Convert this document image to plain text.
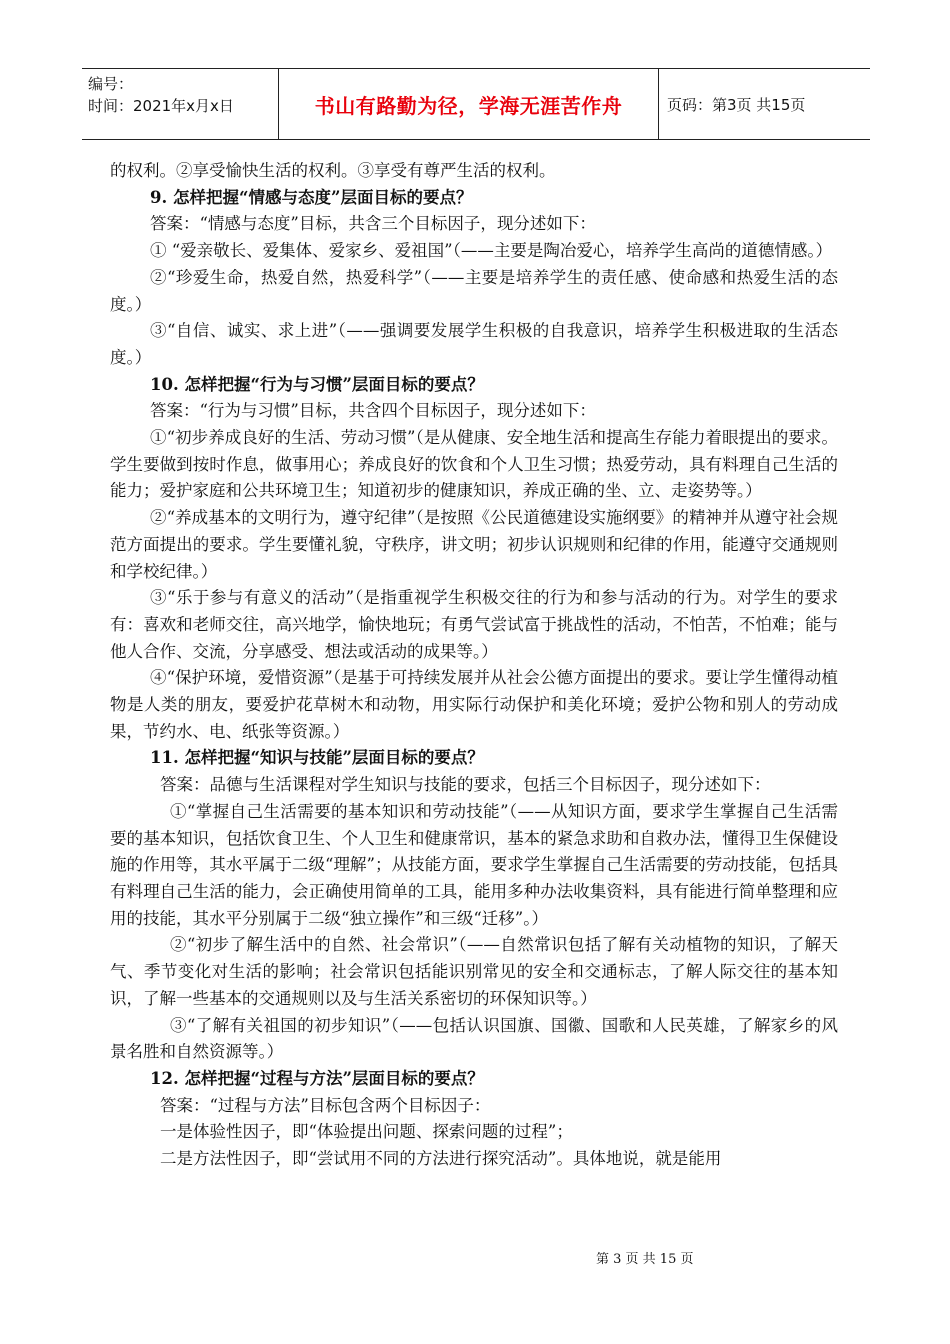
编号：
时间：2021年x月x日	书山有路勤为径，学海无涯苦作舟	页码：第3页 共15页

的权利。②享受愉快生活的权利。③享受有尊严生活的权利。

9. 怎样把握“情感与态度”层面目标的要点？

答案：“情感与态度”目标，共含三个目标因子，现分述如下：

① “爱亲敬长、爱集体、爱家乡、爱祖国”（——主要是陶冶爱心，培养学生高尚的道德情感。）

②“珍爱生命，热爱自然，热爱科学”（——主要是培养学生的责任感、使命感和热爱生活的态度。）

③“自信、诚实、求上进”（——强调要发展学生积极的自我意识，培养学生积极进取的生活态度。）

10. 怎样把握“行为与习惯”层面目标的要点？

答案：“行为与习惯”目标，共含四个目标因子，现分述如下：

①“初步养成良好的生活、劳动习惯”（是从健康、安全地生活和提高生存能力着眼提出的要求。学生要做到按时作息，做事用心；养成良好的饮食和个人卫生习惯；热爱劳动，具有料理自己生活的能力；爱护家庭和公共环境卫生；知道初步的健康知识，养成正确的坐、立、走姿势等。）

②“养成基本的文明行为，遵守纪律”（是按照《公民道德建设实施纲要》的精神并从遵守社会规范方面提出的要求。学生要懂礼貌，守秩序，讲文明；初步认识规则和纪律的作用，能遵守交通规则和学校纪律。）

③“乐于参与有意义的活动”（是指重视学生积极交往的行为和参与活动的行为。对学生的要求有：喜欢和老师交往，高兴地学，愉快地玩；有勇气尝试富于挑战性的活动，不怕苦，不怕难；能与他人合作、交流，分享感受、想法或活动的成果等。）

④“保护环境，爱惜资源”（是基于可持续发展并从社会公德方面提出的要求。要让学生懂得动植物是人类的朋友，要爱护花草树木和动物，用实际行动保护和美化环境；爱护公物和别人的劳动成果，节约水、电、纸张等资源。）

11. 怎样把握“知识与技能”层面目标的要点？

答案：品德与生活课程对学生知识与技能的要求，包括三个目标因子，现分述如下：

①“掌握自己生活需要的基本知识和劳动技能”（——从知识方面，要求学生掌握自己生活需要的基本知识，包括饮食卫生、个人卫生和健康常识，基本的紧急求助和自救办法，懂得卫生保健设施的作用等，其水平属于二级“理解”；从技能方面，要求学生掌握自己生活需要的劳动技能，包括具有料理自己生活的能力，会正确使用简单的工具，能用多种办法收集资料，具有能进行简单整理和应用的技能，其水平分别属于二级“独立操作”和三级“迁移”。）

②“初步了解生活中的自然、社会常识”（——自然常识包括了解有关动植物的知识，了解天气、季节变化对生活的影响；社会常识包括能识别常见的安全和交通标志，了解人际交往的基本知识，了解一些基本的交通规则以及与生活关系密切的环保知识等。）

③“了解有关祖国的初步知识”（——包括认识国旗、国徽、国歌和人民英雄，了解家乡的风景名胜和自然资源等。）

12. 怎样把握“过程与方法”层面目标的要点？

答案：“过程与方法”目标包含两个目标因子：

一是体验性因子，即“体验提出问题、探索问题的过程”；

二是方法性因子，即“尝试用不同的方法进行探究活动”。具体地说，就是能用

第 3 页 共 15 页
